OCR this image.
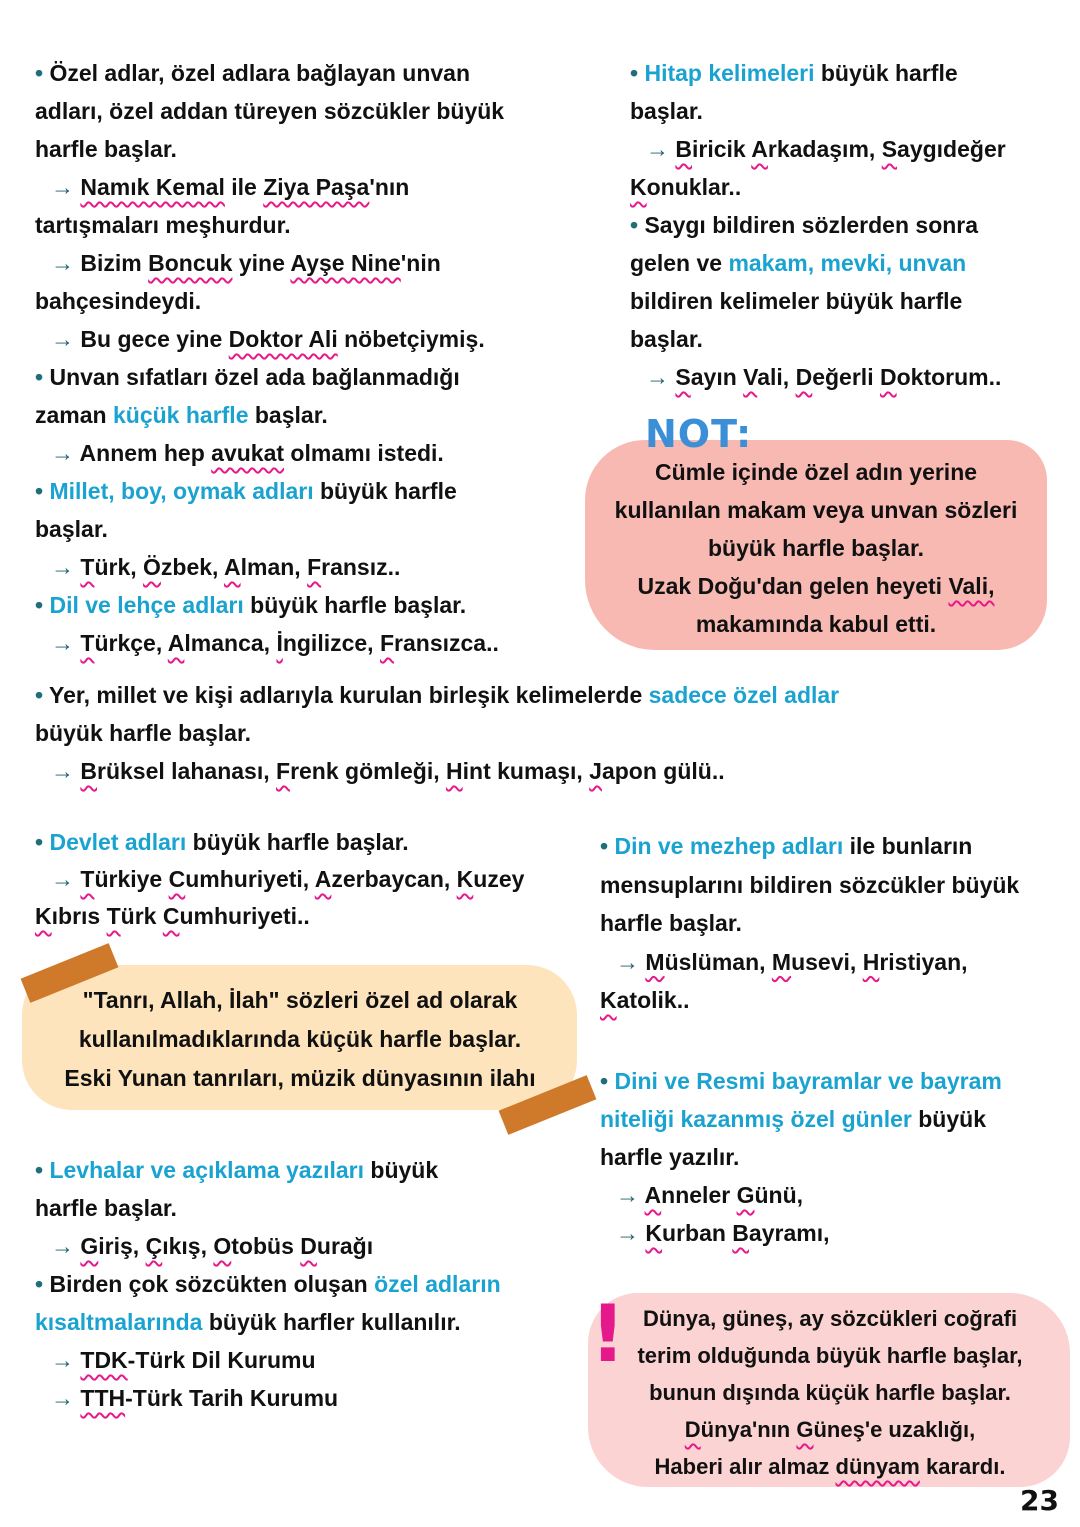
• Özel adlar, özel adlara bağlayan unvan
adları, özel addan türeyen sözcükler büyük
harfle başlar.
→ Namık Kemal ile Ziya Paşa'nın
tartışmaları meşhurdur.
→ Bizim Boncuk yine Ayşe Nine'nin
bahçesindeydi.
→ Bu gece yine Doktor Ali nöbetçiymiş.
• Unvan sıfatları özel ada bağlanmadığı
zaman küçük harfle başlar.
→ Annem hep avukat olmamı istedi.
• Millet, boy, oymak adları büyük harfle
başlar.
→ Türk, Özbek, Alman, Fransız..
• Dil ve lehçe adları büyük harfle başlar.
→ Türkçe, Almanca, İngilizce, Fransızca..
• Hitap kelimeleri büyük harfle
başlar.
→ Biricik Arkadaşım, Saygıdeğer
Konuklar..
• Saygı bildiren sözlerden sonra
gelen ve makam, mevki, unvan
bildiren kelimeler büyük harfle
başlar.
→ Sayın Vali, Değerli Doktorum..
NOT:
Cümle içinde özel adın yerine
kullanılan makam veya unvan sözleri
büyük harfle başlar.
Uzak Doğu'dan gelen heyeti Vali,
makamında kabul etti.
• Yer, millet ve kişi adlarıyla kurulan birleşik kelimelerde sadece özel adlar
büyük harfle başlar.
→ Brüksel lahanası, Frenk gömleği, Hint kumaşı, Japon gülü..
• Devlet adları büyük harfle başlar.
→ Türkiye Cumhuriyeti, Azerbaycan, Kuzey
Kıbrıs Türk Cumhuriyeti..
"Tanrı, Allah, İlah" sözleri özel ad olarak
kullanılmadıklarında küçük harfle başlar.
Eski Yunan tanrıları, müzik dünyasının ilahı
• Levhalar ve açıklama yazıları büyük
harfle başlar.
→ Giriş, Çıkış, Otobüs Durağı
• Birden çok sözcükten oluşan özel adların
kısaltmalarında büyük harfler kullanılır.
→ TDK-Türk Dil Kurumu
→ TTH-Türk Tarih Kurumu
• Din ve mezhep adları ile bunların
mensuplarını bildiren sözcükler büyük
harfle başlar.
→ Müslüman, Musevi, Hristiyan,
Katolik..
• Dini ve Resmi bayramlar ve bayram
niteliği kazanmış özel günler büyük
harfle yazılır.
→ Anneler Günü,
→ Kurban Bayramı,
! Dünya, güneş, ay sözcükleri coğrafi
terim olduğunda büyük harfle başlar,
bunun dışında küçük harfle başlar.
Dünya'nın Güneş'e uzaklığı,
Haberi alır almaz dünyam karardı.
23
